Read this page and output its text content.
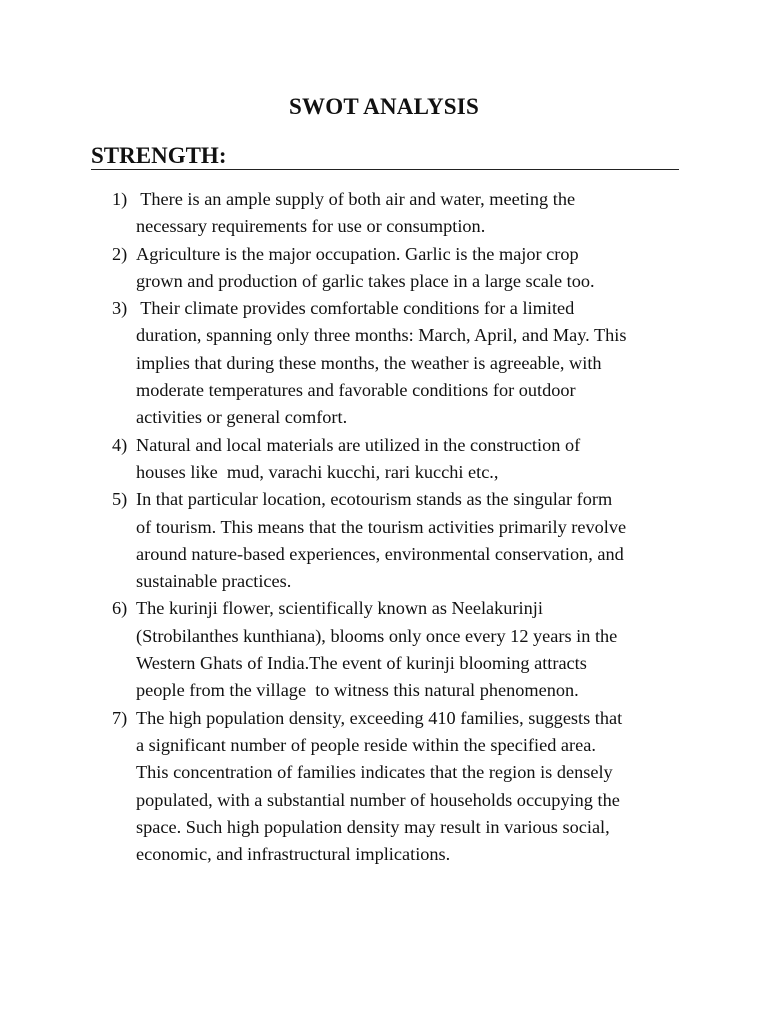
SWOT ANALYSIS
STRENGTH:
1) There is an ample supply of both air and water, meeting the
necessary requirements for use or consumption.
2) Agriculture is the major occupation. Garlic is the major crop
grown and production of garlic takes place in a large scale too.
3) Their climate provides comfortable conditions for a limited
duration, spanning only three months: March, April, and May. This
implies that during these months, the weather is agreeable, with
moderate temperatures and favorable conditions for outdoor
activities or general comfort.
4) Natural and local materials are utilized in the construction of
houses like  mud, varachi kucchi, rari kucchi etc.,
5) In that particular location, ecotourism stands as the singular form
of tourism. This means that the tourism activities primarily revolve
around nature-based experiences, environmental conservation, and
sustainable practices.
6) The kurinji flower, scientifically known as Neelakurinji
(Strobilanthes kunthiana), blooms only once every 12 years in the
Western Ghats of India.The event of kurinji blooming attracts
people from the village  to witness this natural phenomenon.
7) The high population density, exceeding 410 families, suggests that
a significant number of people reside within the specified area.
This concentration of families indicates that the region is densely
populated, with a substantial number of households occupying the
space. Such high population density may result in various social,
economic, and infrastructural implications.
